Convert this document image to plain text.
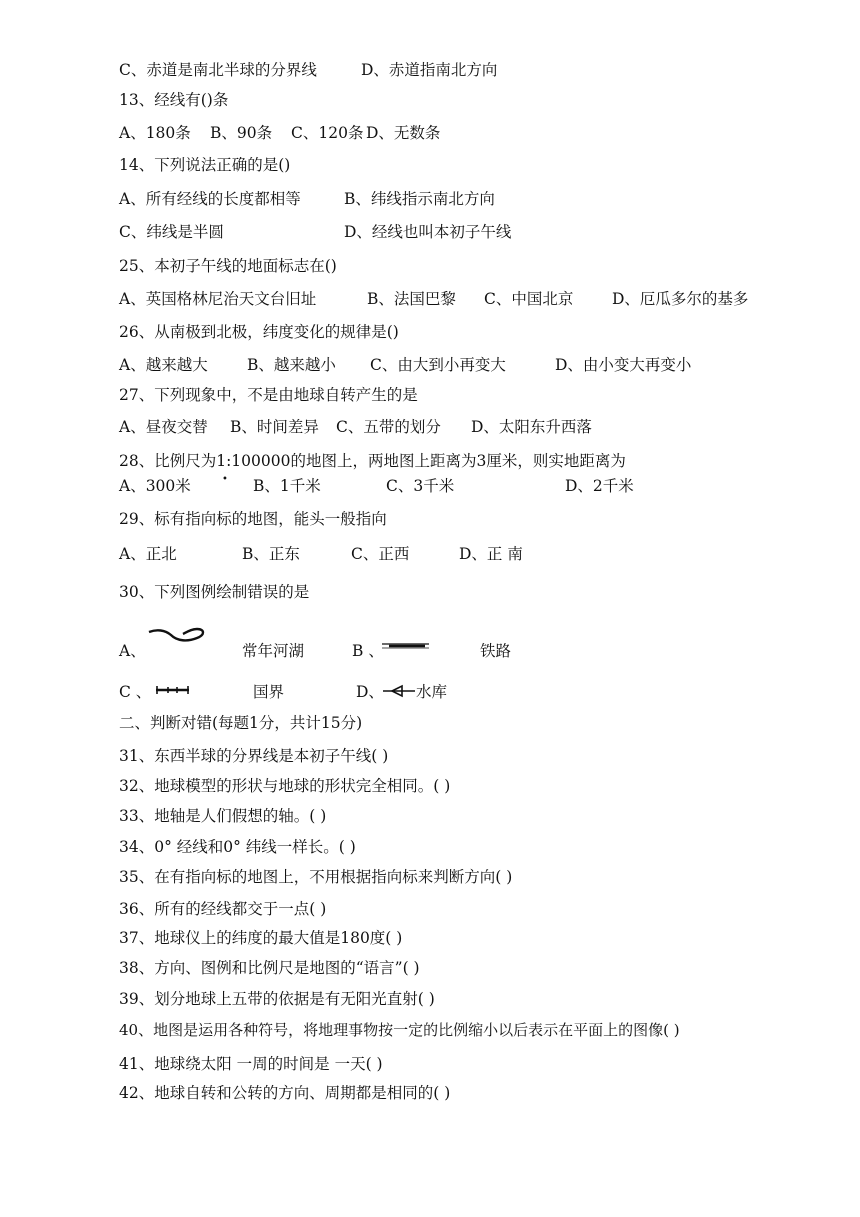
C、赤道是南北半球的分界线	D、赤道指南北方向
13、经线有()条
A、180条 B、90条 C、120条 D、无数条
14、下列说法正确的是()
A、所有经线的长度都相等	B、纬线指示南北方向
C、纬线是半圆	D、经线也叫本初子午线
25、本初子午线的地面标志在()
A、英国格林尼治天文台旧址	B、法国巴黎 C、中国北京 D、厄瓜多尔的基多
26、从南极到北极，纬度变化的规律是()
A、越来越大	B、越来越小 C、由大到小再变大	D、由小变大再变小
27、下列现象中，不是由地球自转产生的是
A、昼夜交替 B、时间差异 C、五带的划分 D、太阳东升西落
28、比例尺为1:100000的地图上，两地图上距离为3厘米，则实地距离为
A、300米	• B、1千米	C、3千米	D、2千米
29、标有指向标的地图，能头一般指向
A、正北	B、正东	C、正西	D、正 南
30、下列图例绘制错误的是
A、	常年河湖	B 、	铁路
C 、	国界	D、 水库
二、判断对错(每题1分，共计15分)
31、东西半球的分界线是本初子午线( )
32、地球模型的形状与地球的形状完全相同。( )
33、地轴是人们假想的轴。( )
34、0° 经线和0° 纬线一样长。( )
35、在有指向标的地图上，不用根据指向标来判断方向( )
36、所有的经线都交于一点( )
37、地球仪上的纬度的最大值是180度( )
38、方向、图例和比例尺是地图的“语言”( )
39、划分地球上五带的依据是有无阳光直射( )
40、地图是运用各种符号，将地理事物按一定的比例缩小以后表示在平面上的图像( )
41、地球绕太阳 一周的时间是 一天( )
42、地球自转和公转的方向、周期都是相同的( )
